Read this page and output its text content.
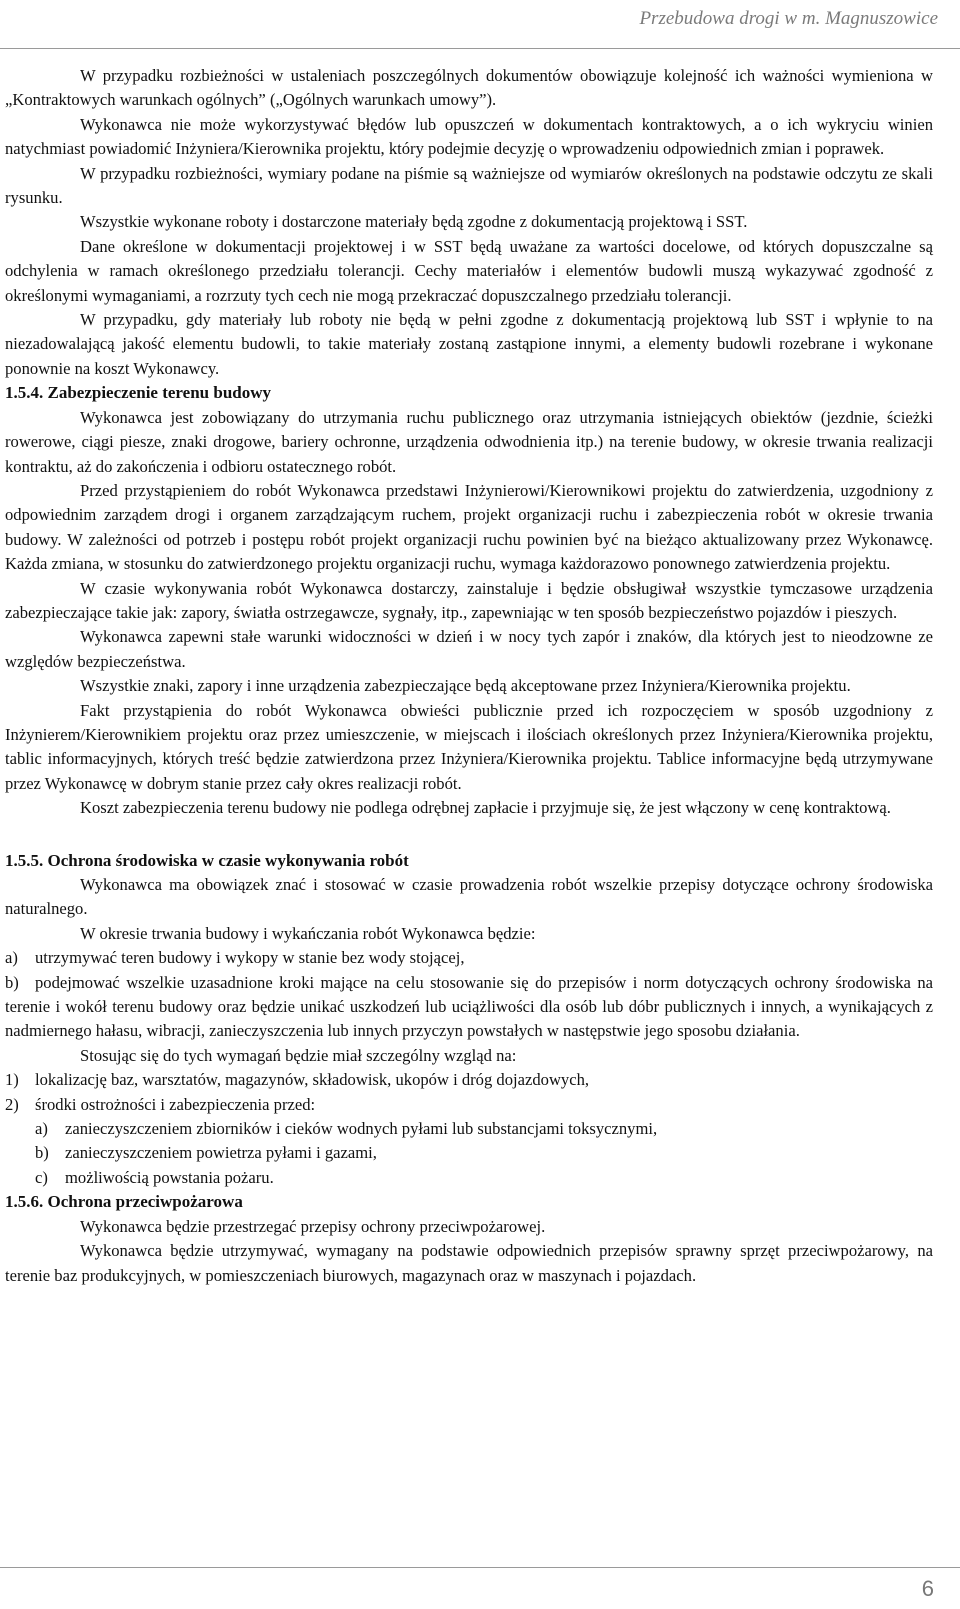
Przebudowa drogi w m. Magnuszowice

W przypadku rozbieżności w ustaleniach poszczególnych dokumentów obowiązuje kolejność ich ważności wymieniona w „Kontraktowych warunkach ogólnych” („Ogólnych warunkach umowy”).

Wykonawca nie może wykorzystywać błędów lub opuszczeń w dokumentach kontraktowych, a o ich wykryciu winien natychmiast powiadomić Inżyniera/Kierownika projektu, który podejmie decyzję o wprowadzeniu odpowiednich zmian i poprawek.

W przypadku rozbieżności, wymiary podane na piśmie są ważniejsze od wymiarów określonych na podstawie odczytu ze skali rysunku.

Wszystkie wykonane roboty i dostarczone materiały będą zgodne z dokumentacją projektową i SST.

Dane określone w dokumentacji projektowej i w SST będą uważane za wartości docelowe, od których dopuszczalne są odchylenia w ramach określonego przedziału tolerancji. Cechy materiałów i elementów budowli muszą wykazywać zgodność z określonymi wymaganiami, a rozrzuty tych cech nie mogą przekraczać dopuszczalnego przedziału tolerancji.

W przypadku, gdy materiały lub roboty nie będą w pełni zgodne z dokumentacją projektową lub SST i wpłynie to na niezadowalającą jakość elementu budowli, to takie materiały zostaną zastąpione innymi, a elementy budowli rozebrane i wykonane ponownie na koszt Wykonawcy.

1.5.4. Zabezpieczenie terenu budowy

Wykonawca jest zobowiązany do utrzymania ruchu publicznego oraz utrzymania istniejących obiektów (jezdnie, ścieżki rowerowe, ciągi piesze, znaki drogowe, bariery ochronne, urządzenia odwodnienia itp.) na terenie budowy, w okresie trwania realizacji kontraktu, aż do zakończenia i odbioru ostatecznego robót.

Przed przystąpieniem do robót Wykonawca przedstawi Inżynierowi/Kierownikowi projektu do zatwierdzenia, uzgodniony z odpowiednim zarządem drogi i organem zarządzającym ruchem, projekt organizacji ruchu i zabezpieczenia robót w okresie trwania budowy. W zależności od potrzeb i postępu robót projekt organizacji ruchu powinien być na bieżąco aktualizowany przez Wykonawcę. Każda zmiana, w stosunku do zatwierdzonego projektu organizacji ruchu, wymaga każdorazowo ponownego zatwierdzenia projektu.

W czasie wykonywania robót Wykonawca dostarczy, zainstaluje i będzie obsługiwał wszystkie tymczasowe urządzenia zabezpieczające takie jak: zapory, światła ostrzegawcze, sygnały, itp., zapewniając w ten sposób bezpieczeństwo pojazdów i pieszych.

Wykonawca zapewni stałe warunki widoczności w dzień i w nocy tych zapór i znaków, dla których jest to nieodzowne ze względów bezpieczeństwa.

Wszystkie znaki, zapory i inne urządzenia zabezpieczające będą akceptowane przez Inżyniera/Kierownika projektu.

Fakt przystąpienia do robót Wykonawca obwieści publicznie przed ich rozpoczęciem w sposób uzgodniony z Inżynierem/Kierownikiem projektu oraz przez umieszczenie, w miejscach i ilościach określonych przez Inżyniera/Kierownika projektu, tablic informacyjnych, których treść będzie zatwierdzona przez Inżyniera/Kierownika projektu. Tablice informacyjne będą utrzymywane przez Wykonawcę w dobrym stanie przez cały okres realizacji robót.

Koszt zabezpieczenia terenu budowy nie podlega odrębnej zapłacie i przyjmuje się, że jest włączony w cenę kontraktową.

1.5.5. Ochrona środowiska w czasie wykonywania robót

Wykonawca ma obowiązek znać i stosować w czasie prowadzenia robót wszelkie przepisy dotyczące ochrony środowiska naturalnego.

W okresie trwania budowy i wykańczania robót Wykonawca będzie:

a) utrzymywać teren budowy i wykopy w stanie bez wody stojącej,

b) podejmować wszelkie uzasadnione kroki mające na celu stosowanie się do przepisów i norm dotyczących ochrony środowiska na terenie i wokół terenu budowy oraz będzie unikać uszkodzeń lub uciążliwości dla osób lub dóbr publicznych i innych, a wynikających z nadmiernego hałasu, wibracji, zanieczyszczenia lub innych przyczyn powstałych w następstwie jego sposobu działania.

Stosując się do tych wymagań będzie miał szczególny wzgląd na:

1) lokalizację baz, warsztatów, magazynów, składowisk, ukopów i dróg dojazdowych,

2) środki ostrożności i zabezpieczenia przed:

a) zanieczyszczeniem zbiorników i cieków wodnych pyłami lub substancjami toksycznymi,

b) zanieczyszczeniem powietrza pyłami i gazami,

c) możliwością powstania pożaru.

1.5.6. Ochrona przeciwpożarowa

Wykonawca będzie przestrzegać przepisy ochrony przeciwpożarowej.

Wykonawca będzie utrzymywać, wymagany na podstawie odpowiednich przepisów sprawny sprzęt przeciwpożarowy, na terenie baz produkcyjnych, w pomieszczeniach biurowych, magazynach oraz w maszynach i pojazdach.

6
